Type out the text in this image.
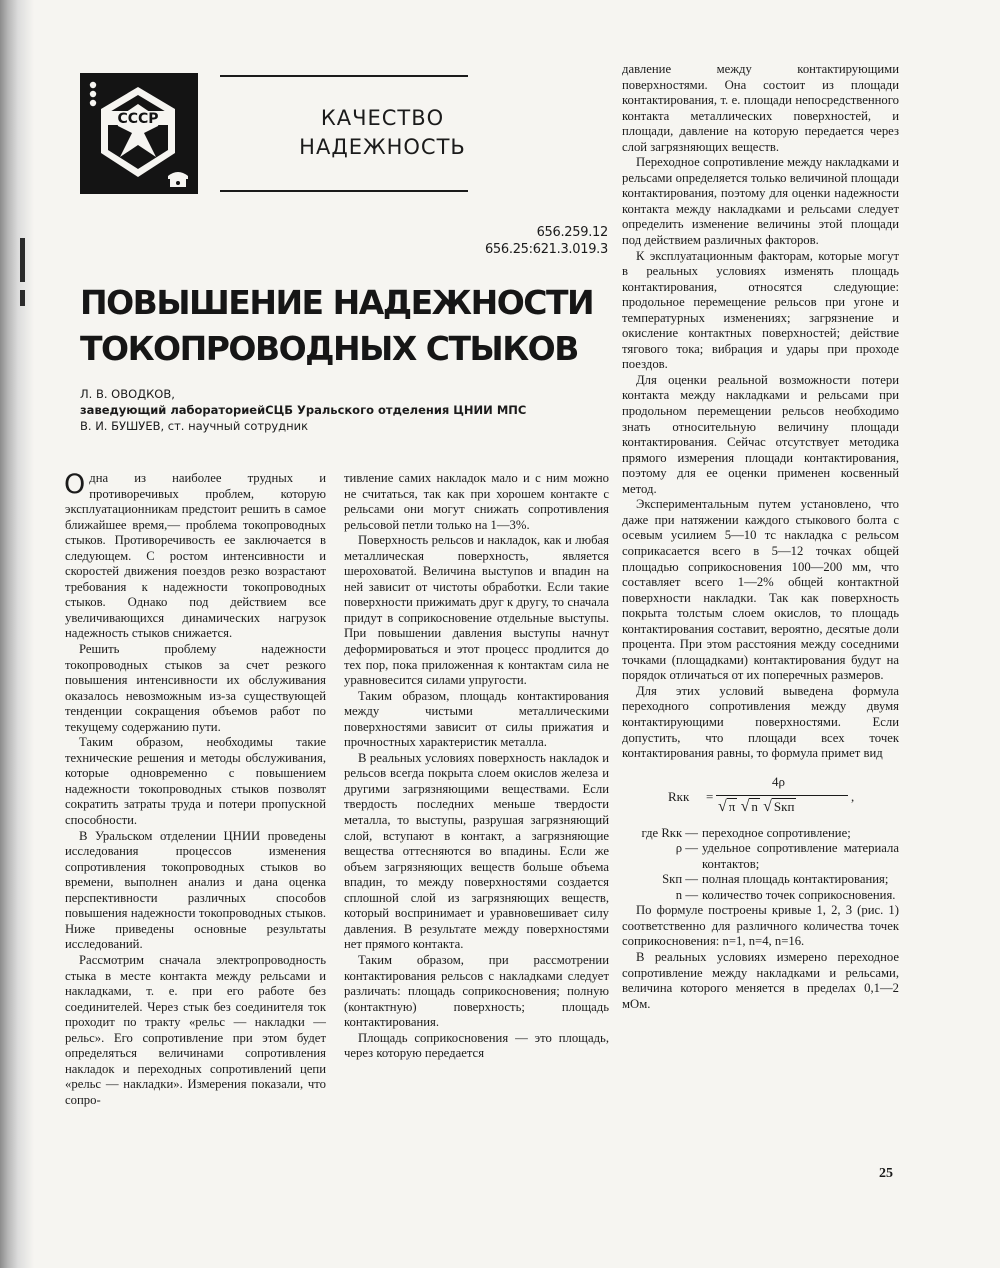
СССР	КАЧЕСТВО
НАДЕЖНОСТЬ
656.259.12
656.25:621.3.019.3
ПОВЫШЕНИЕ НАДЕЖНОСТИ ТОКОПРОВОДНЫХ СТЫКОВ
Л. В. ОВОДКОВ,
заведующий лабораториейСЦБ Уральского отделения ЦНИИ МПС
В. И. БУШУЕВ, ст. научный сотрудник
О дна из наиболее трудных и противоречивых проблем, которую эксплуатационникам предстоит решить в самое ближайшее время,— проблема токопроводных стыков. Противоречивость ее заключается в следующем. С ростом интенсивности и скоростей движения поездов резко возрастают требования к надежности токопроводных стыков. Однако под действием все увеличивающихся динамических нагрузок надежность стыков снижается.

Решить проблему надежности токопроводных стыков за счет резкого повышения интенсивности их обслуживания оказалось невозможным из-за существующей тенденции сокращения объемов работ по текущему содержанию пути.

Таким образом, необходимы такие технические решения и методы обслуживания, которые одновременно с повышением надежности токопроводных стыков позволят сократить затраты труда и потери пропускной способности.

В Уральском отделении ЦНИИ проведены исследования процессов изменения сопротивления токопроводных стыков во времени, выполнен анализ и дана оценка перспективности различных способов повышения надежности токопроводных стыков. Ниже приведены основные результаты исследований.

Рассмотрим сначала электропроводность стыка в месте контакта между рельсами и накладками, т. е. при его работе без соединителей. Через стык без соединителя ток проходит по тракту «рельс — накладки — рельс». Его сопротивление при этом будет определяться величинами сопротивления накладок и переходных сопротивлений цепи «рельс — накладки». Измерения показали, что сопро-

тивление самих накладок мало и с ним можно не считаться, так как при хорошем контакте с рельсами они могут снижать сопротивления рельсовой петли только на 1—3%.

Поверхность рельсов и накладок, как и любая металлическая поверхность, является шероховатой. Величина выступов и впадин на ней зависит от чистоты обработки. Если такие поверхности прижимать друг к другу, то сначала придут в соприкосновение отдельные выступы. При повышении давления выступы начнут деформироваться и этот процесс продлится до тех пор, пока приложенная к контактам сила не уравновесится силами упругости.

Таким образом, площадь контактирования между чистыми металлическими поверхностями зависит от силы прижатия и прочностных характеристик металла.

В реальных условиях поверхность накладок и рельсов всегда покрыта слоем окислов железа и другими загрязняющими веществами. Если твердость последних меньше твердости металла, то выступы, разрушая загрязняющий слой, вступают в контакт, а загрязняющие вещества оттесняются во впадины. Если же объем загрязняющих веществ больше объема впадин, то между поверхностями создается сплошной слой из загрязняющих веществ, который воспринимает и уравновешивает силу давления. В результате между поверхностями нет прямого контакта.

Таким образом, при рассмотрении контактирования рельсов с накладками следует различать: площадь соприкосновения; полную (контактную) поверхность; площадь контактирования.

Площадь соприкосновения — это площадь, через которую передается

давление между контактирующими поверхностями. Она состоит из площади контактирования, т. е. площади непосредственного контакта металлических поверхностей, и площади, давление на которую передается через слой загрязняющих веществ.

Переходное сопротивление между накладками и рельсами определяется только величиной площади контактирования, поэтому для оценки надежности контакта между накладками и рельсами следует определить изменение величины этой площади под действием различных факторов.

К эксплуатационным факторам, которые могут в реальных условиях изменять площадь контактирования, относятся следующие: продольное перемещение рельсов при угоне и температурных изменениях; загрязнение и окисление контактных поверхностей; действие тягового тока; вибрация и удары при проходе поездов.

Для оценки реальной возможности потери контакта между накладками и рельсами при продольном перемещении рельсов необходимо знать относительную величину площади контактирования. Сейчас отсутствует методика прямого измерения площади контактирования, поэтому для ее оценки применен косвенный метод.

Экспериментальным путем установлено, что даже при натяжении каждого стыкового болта с осевым усилием 5—10 тс накладка с рельсом соприкасается всего в 5—12 точках общей площадью соприкосновения 100—200 мм, что составляет всего 1—2% общей контактной поверхности накладки. Так как поверхность покрыта толстым слоем окислов, то площадь контактирования составит, вероятно, десятые доли процента. При этом расстояния между соседними точками (площадками) контактирования будут на порядок отличаться от их поперечных размеров.

Для этих условий выведена формула переходного сопротивления между двумя контактирующими поверхностями. Если допустить, что площади всех точек контактирования равны, то формула примет вид

Rкк =
4ρ
√ π √ n √ Sкп
,
где Rкк — переходное сопротивление;
ρ — удельное сопротивление материала контактов;
Sкп — полная площадь контактирования;
n — количество точек соприкосновения.

По формуле построены кривые 1, 2, 3 (рис. 1) соответственно для различного количества точек соприкосновения: n=1, n=4, n=16.

В реальных условиях измерено переходное сопротивление между накладками и рельсами, величина которого меняется в пределах 0,1—2 мОм.

25
